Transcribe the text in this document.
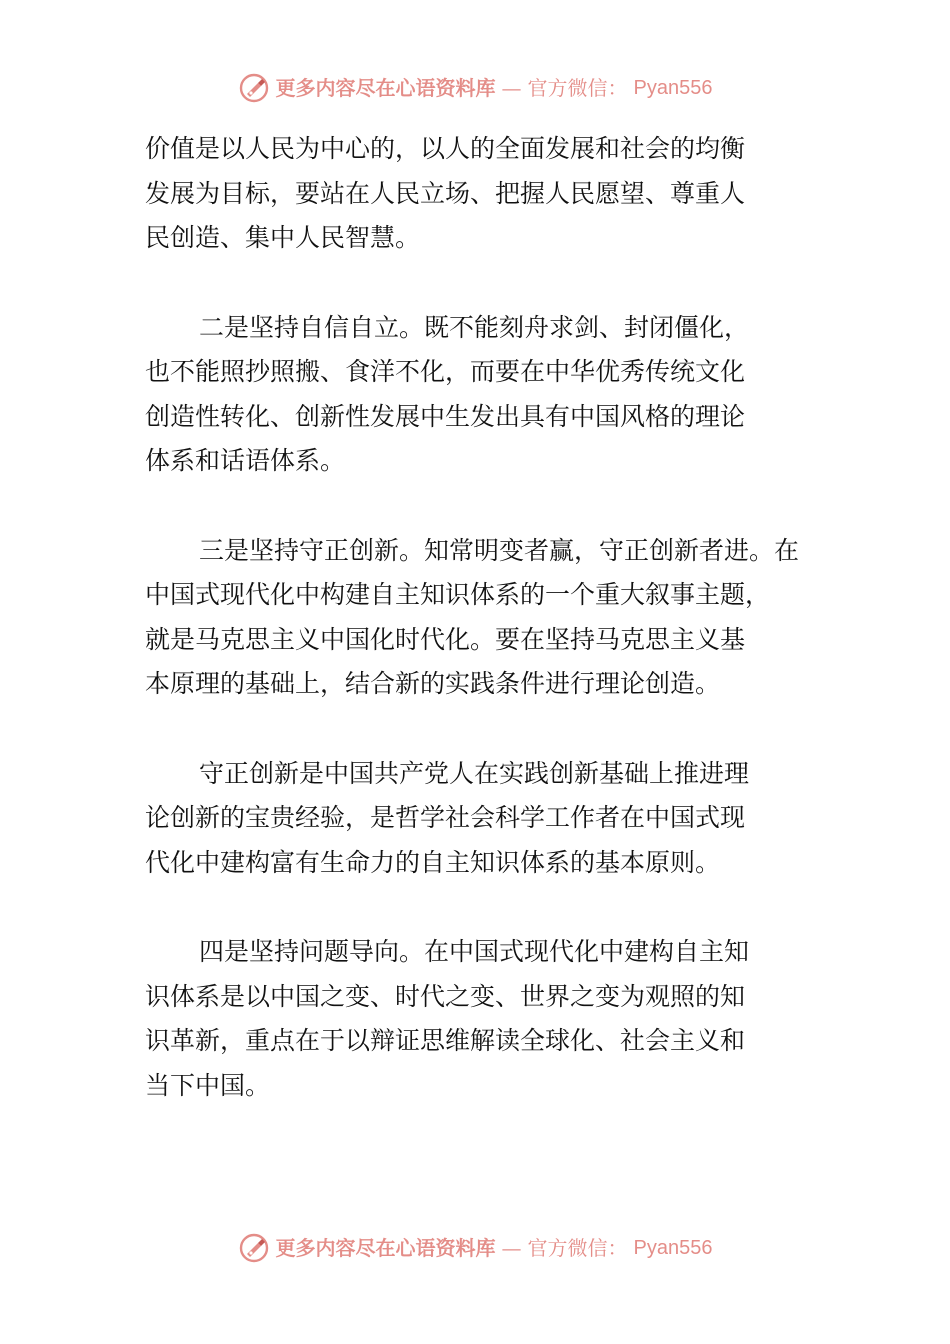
更多内容尽在心语资料库 — 官方微信： Pyan556
价值是以人民为中心的，以人的全面发展和社会的均衡
发展为目标，要站在人民立场、把握人民愿望、尊重人
民创造、集中人民智慧。
二是坚持自信自立。既不能刻舟求剑、封闭僵化，
也不能照抄照搬、食洋不化，而要在中华优秀传统文化
创造性转化、创新性发展中生发出具有中国风格的理论
体系和话语体系。
三是坚持守正创新。知常明变者赢，守正创新者进。在
中国式现代化中构建自主知识体系的一个重大叙事主题，
就是马克思主义中国化时代化。要在坚持马克思主义基
本原理的基础上，结合新的实践条件进行理论创造。
守正创新是中国共产党人在实践创新基础上推进理
论创新的宝贵经验，是哲学社会科学工作者在中国式现
代化中建构富有生命力的自主知识体系的基本原则。
四是坚持问题导向。在中国式现代化中建构自主知
识体系是以中国之变、时代之变、世界之变为观照的知
识革新，重点在于以辩证思维解读全球化、社会主义和
当下中国。
更多内容尽在心语资料库 — 官方微信： Pyan556
